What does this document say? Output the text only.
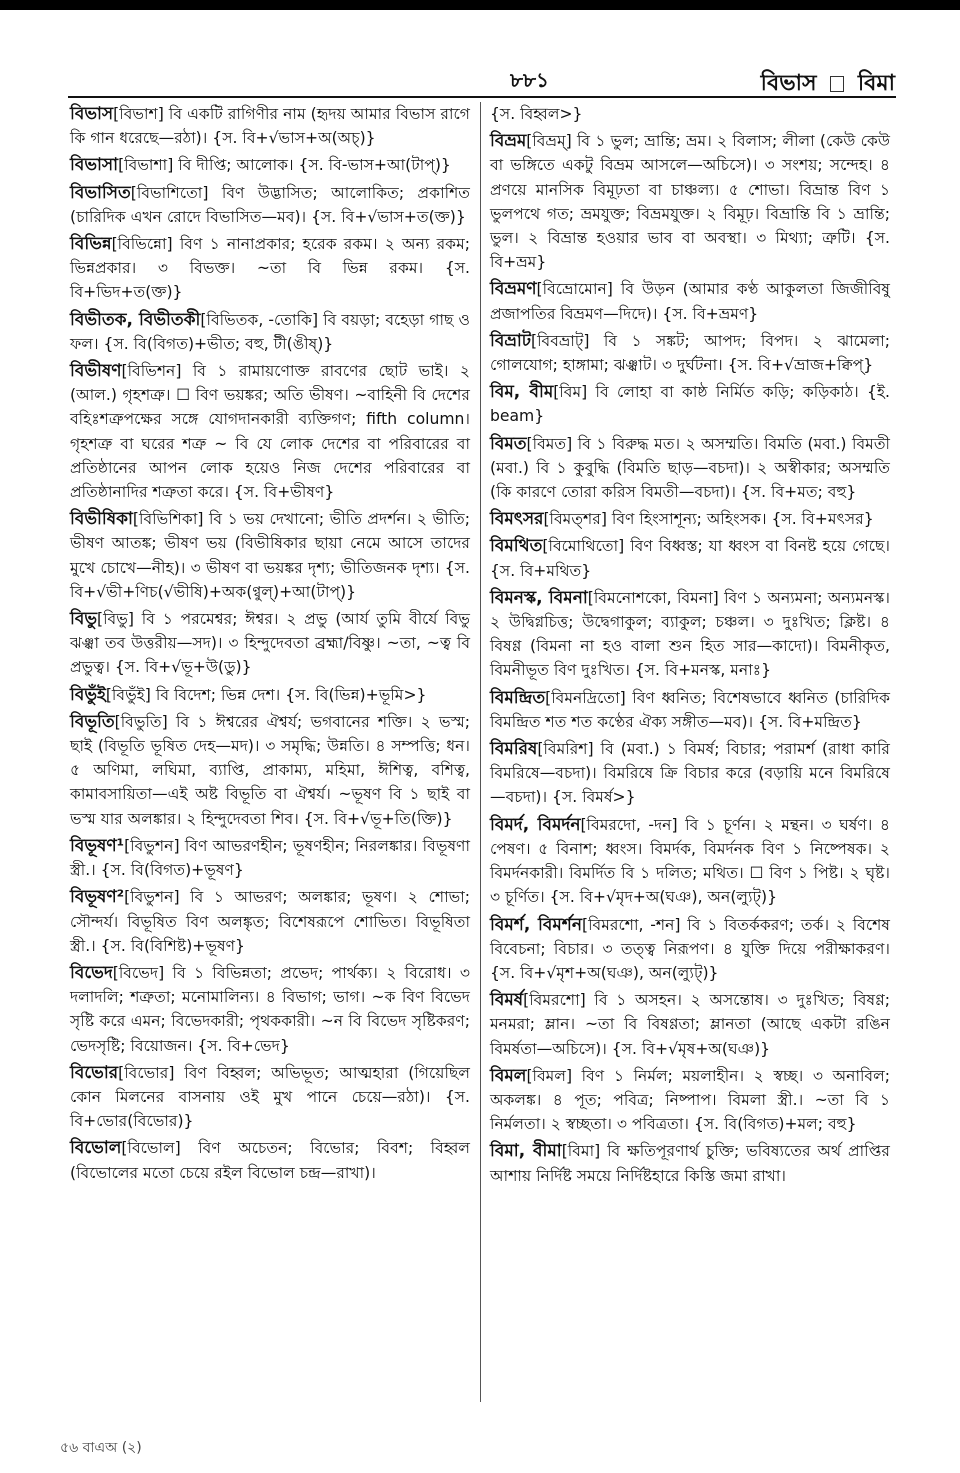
৮৮১	বিভাস বিমা
বিভাস[বিভাশ] বি একটি রাগিণীর নাম (হৃদয় আমার বিভাস রাগে কি গান ধরেছে—রঠা)। {স. বি+√ভাস+অ(অচ্)}
বিভাসা[বিভাশা] বি দীপ্তি; আলোক। {স. বি-ভাস+আ(টাপ্)}
বিভাসিত[বিভাশিতো] বিণ উদ্ভাসিত; আলোকিত; প্রকাশিত (চারিদিক এখন রোদে বিভাসিত—মব)। {স. বি+√ভাস+ত(ক্ত)}
বিভিন্ন[বিভিন্নো] বিণ ১ নানাপ্রকার; হরেক রকম। ২ অন্য রকম; ভিন্নপ্রকার। ৩ বিভক্ত। ~তা বি ভিন্ন রকম। {স. বি+ভিদ+ত(ক্ত)}
বিভীতক, বিভীতকী[বিভিতক, -তোকি] বি বয়ড়া; বহেড়া গাছ ও ফল। {স. বি(বিগত)+ভীত; বহু, টী(ঙীষ্)}
বিভীষণ[বিভিশন] বি ১ রামায়ণোক্ত রাবণের ছোট ভাই। ২ (আল.) গৃহশত্রু। ☐ বিণ ভয়ঙ্কর; অতি ভীষণ। ~বাহিনী বি দেশের বহিঃশত্রুপক্ষের সঙ্গে যোগদানকারী ব্যক্তিগণ; fifth column। গৃহশত্রু বা ঘরের শত্রু ~ বি যে লোক দেশের বা পরিবারের বা প্রতিষ্ঠানের আপন লোক হয়েও নিজ দেশের পরিবারের বা প্রতিষ্ঠানাদির শত্রুতা করে। {স. বি+ভীষণ}
বিভীষিকা[বিভিশিকা] বি ১ ভয় দেখানো; ভীতি প্রদর্শন। ২ ভীতি; ভীষণ আতঙ্ক; ভীষণ ভয় (বিভীষিকার ছায়া নেমে আসে তাদের মুখে চোখে—নীহ)। ৩ ভীষণ বা ভয়ঙ্কর দৃশ্য; ভীতিজনক দৃশ্য। {স. বি+√ভী+ণিচ(√ভীষি)+অক(ণ্বুল্)+আ(টাপ্)}
বিভু[বিভু] বি ১ পরমেশ্বর; ঈশ্বর। ২ প্রভু (আর্য তুমি বীর্যে বিভু ঝঞ্ঝা তব উত্তরীয়—সদ)। ৩ হিন্দুদেবতা ব্রহ্মা/বিষ্ণু। ~তা, ~ত্ব বি প্রভুত্ব। {স. বি+√ভূ+উ(ডু)}
বিভুঁই[বিভুঁই] বি বিদেশ; ভিন্ন দেশ। {স. বি(ভিন্ন)+ভূমি>}
বিভূতি[বিভুতি] বি ১ ঈশ্বরের ঐশ্বর্য; ভগবানের শক্তি। ২ ভস্ম; ছাই (বিভূতি ভূষিত দেহ—মদ)। ৩ সমৃদ্ধি; উন্নতি। ৪ সম্পত্তি; ধন। ৫ অণিমা, লঘিমা, ব্যাপ্তি, প্রাকাম্য, মহিমা, ঈশিত্ব, বশিত্ব, কামাবসায়িতা—এই অষ্ট বিভূতি বা ঐশ্বর্য। ~ভূষণ বি ১ ছাই বা ভস্ম যার অলঙ্কার। ২ হিন্দুদেবতা শিব। {স. বি+√ভূ+তি(ক্তি)}
বিভূষণ¹[বিভুশন] বিণ আভরণহীন; ভূষণহীন; নিরলঙ্কার। বিভূষণা স্ত্রী.। {স. বি(বিগত)+ভূষণ}
বিভূষণ²[বিভুশন] বি ১ আভরণ; অলঙ্কার; ভূষণ। ২ শোভা; সৌন্দর্য। বিভূষিত বিণ অলঙ্কৃত; বিশেষরূপে শোভিত। বিভূষিতা স্ত্রী.। {স. বি(বিশিষ্ট)+ভূষণ}
বিভেদ[বিভেদ] বি ১ বিভিন্নতা; প্রভেদ; পার্থক্য। ২ বিরোধ। ৩ দলাদলি; শত্রুতা; মনোমালিন্য। ৪ বিভাগ; ভাগ। ~ক বিণ বিভেদ সৃষ্টি করে এমন; বিভেদকারী; পৃথককারী। ~ন বি বিভেদ সৃষ্টিকরণ; ভেদসৃষ্টি; বিয়োজন। {স. বি+ভেদ}
বিভোর[বিভোর] বিণ বিহ্বল; অভিভূত; আত্মহারা (গিয়েছিল কোন মিলনের বাসনায় ওই মুখ পানে চেয়ে—রঠা)। {স. বি+ভোর(বিভোর)}
বিভোল[বিভোল] বিণ অচেতন; বিভোর; বিবশ; বিহ্বল (বিভোলের মতো চেয়ে রইল বিভোল চন্দ্র—রাখা)।
{স. বিহ্বল>}
বিভ্রম[বিভ্রম্] বি ১ ভুল; ভ্রান্তি; ভ্রম। ২ বিলাস; লীলা (কেউ কেউ বা ভঙ্গিতে একটু বিভ্রম আসলে—অচিসে)। ৩ সংশয়; সন্দেহ। ৪ প্রণয়ে মানসিক বিমূঢ়তা বা চাঞ্চল্য। ৫ শোভা। বিভ্রান্ত বিণ ১ ভুলপথে গত; ভ্রমযুক্ত; বিভ্রমযুক্ত। ২ বিমূঢ়। বিভ্রান্তি বি ১ ভ্রান্তি; ভুল। ২ বিভ্রান্ত হওয়ার ভাব বা অবস্থা। ৩ মিথ্যা; ত্রুটি। {স. বি+ভ্রম}
বিভ্রমণ[বিভ্রোমোন] বি উড়ন (আমার কণ্ঠ আকুলতা জিজীবিষু প্রজাপতির বিভ্রমণ—দিদে)। {স. বি+ভ্রমণ}
বিভ্রাট[বিবভ্রাট্] বি ১ সঙ্কট; আপদ; বিপদ। ২ ঝামেলা; গোলযোগ; হাঙ্গামা; ঝঞ্ঝাট। ৩ দুর্ঘটনা। {স. বি+√ভ্রাজ+ক্বিপ্}
বিম, বীম[বিম] বি লোহা বা কাষ্ঠ নির্মিত কড়ি; কড়িকাঠ। {ই. beam}
বিমত[বিমত] বি ১ বিরুদ্ধ মত। ২ অসম্মতি। বিমতি (মবা.) বিমতী (মবা.) বি ১ কুবুদ্ধি (বিমতি ছাড়—বচদা)। ২ অস্বীকার; অসম্মতি (কি কারণে তোরা করিস বিমতী—বচদা)। {স. বি+মত; বহু}
বিমৎসর[বিমত্‌শর] বিণ হিংসাশূন্য; অহিংসক। {স. বি+মৎসর}
বিমথিত[বিমোথিতো] বিণ বিধ্বস্ত; যা ধ্বংস বা বিনষ্ট হয়ে গেছে। {স. বি+মথিত}
বিমনস্ক, বিমনা[বিমনোশকো, বিমনা] বিণ ১ অন্যমনা; অন্যমনস্ক। ২ উদ্বিগ্নচিত্ত; উদ্বেগাকুল; ব্যাকুল; চঞ্চল। ৩ দুঃখিত; ক্লিষ্ট। ৪ বিষণ্ণ (বিমনা না হও বালা শুন হিত সার—কাদো)। বিমনীকৃত, বিমনীভূত বিণ দুঃখিত। {স. বি+মনস্ক, মনাঃ}
বিমন্দ্রিত[বিমনদ্রিতো] বিণ ধ্বনিত; বিশেষভাবে ধ্বনিত (চারিদিক বিমন্দ্রিত শত শত কণ্ঠের ঐক্য সঙ্গীত—মব)। {স. বি+মন্দ্রিত}
বিমরিষ[বিমরিশ] বি (মবা.) ১ বিমর্ষ; বিচার; পরামর্শ (রাধা কারি বিমরিষে—বচদা)। বিমরিষে ক্রি বিচার করে (বড়ায়ি মনে বিমরিষে—বচদা)। {স. বিমর্ষ>}
বিমর্দ, বিমর্দন[বিমরদো, -দন] বি ১ চূর্ণন। ২ মন্থন। ৩ ঘর্ষণ। ৪ পেষণ। ৫ বিনাশ; ধ্বংস। বিমর্দক, বিমর্দনক বিণ ১ নিষ্পেষক। ২ বিমর্দনকারী। বিমর্দিত বি ১ দলিত; মথিত। ☐ বিণ ১ পিষ্ট। ২ ঘৃষ্ট। ৩ চূর্ণিত। {স. বি+√মৃদ+অ(ঘঞ), অন(ল্যুট্)}
বিমর্শ, বিমর্শন[বিমরশো, -শন] বি ১ বিতর্ককরণ; তর্ক। ২ বিশেষ বিবেচনা; বিচার। ৩ তত্ত্ব নিরূপণ। ৪ যুক্তি দিয়ে পরীক্ষাকরণ। {স. বি+√মৃশ+অ(ঘঞ), অন(ল্যুট্)}
বিমর্ষ[বিমরশো] বি ১ অসহন। ২ অসন্তোষ। ৩ দুঃখিত; বিষণ্ণ; মনমরা; ম্লান। ~তা বি বিষণ্ণতা; ম্লানতা (আছে একটা রঙিন বিমর্ষতা—অচিসে)। {স. বি+√মৃষ+অ(ঘঞ)}
বিমল[বিমল] বিণ ১ নির্মল; ময়লাহীন। ২ স্বচ্ছ। ৩ অনাবিল; অকলঙ্ক। ৪ পূত; পবিত্র; নিষ্পাপ। বিমলা স্ত্রী.। ~তা বি ১ নির্মলতা। ২ স্বচ্ছতা। ৩ পবিত্রতা। {স. বি(বিগত)+মল; বহু}
বিমা, বীমা[বিমা] বি ক্ষতিপূরণার্থ চুক্তি; ভবিষ্যতের অর্থ প্রাপ্তির আশায় নির্দিষ্ট সময়ে নির্দিষ্টহারে কিস্তি জমা রাখা।
৫৬ বাএঅ (২)
